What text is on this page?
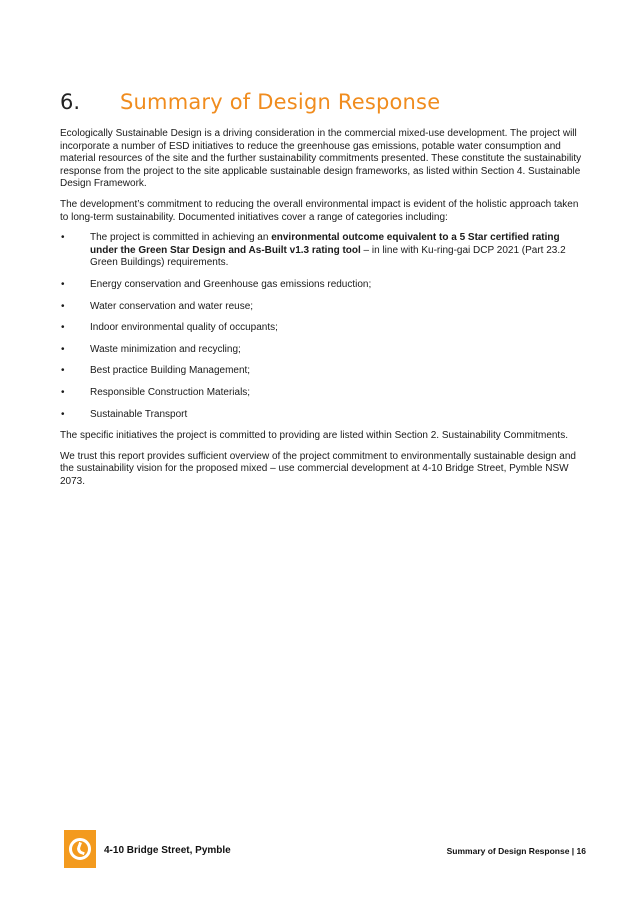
6.	Summary of Design Response

Ecologically Sustainable Design is a driving consideration in the commercial mixed-use development. The project will incorporate a number of ESD initiatives to reduce the greenhouse gas emissions, potable water consumption and material resources of the site and the further sustainability commitments presented. These constitute the sustainability response from the project to the site applicable sustainable design frameworks, as listed within Section 4. Sustainable Design Framework.

The development’s commitment to reducing the overall environmental impact is evident of the holistic approach taken to long-term sustainability. Documented initiatives cover a range of categories including:

•	The project is committed in achieving an environmental outcome equivalent to a 5 Star certified rating under the Green Star Design and As-Built v1.3 rating tool – in line with Ku-ring-gai DCP 2021 (Part 23.2 Green Buildings) requirements.
•	Energy conservation and Greenhouse gas emissions reduction;
•	Water conservation and water reuse;
•	Indoor environmental quality of occupants;
•	Waste minimization and recycling;
•	Best practice Building Management;
•	Responsible Construction Materials;
•	Sustainable Transport

The specific initiatives the project is committed to providing are listed within Section 2. Sustainability Commitments.

We trust this report provides sufficient overview of the project commitment to environmentally sustainable design and the sustainability vision for the proposed mixed – use commercial development at 4-10 Bridge Street, Pymble NSW 2073.

4-10 Bridge Street, Pymble	Summary of Design Response | 16
